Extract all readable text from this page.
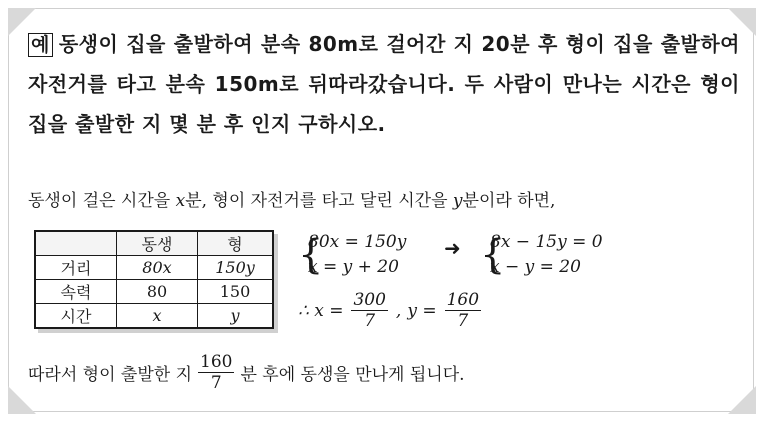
예 동생이 집을 출발하여 분속 80m로 걸어간 지 20분 후 형이 집을 출발하여 자전거를 타고 분속 150m로 뒤따라갔습니다. 두 사람이 만나는 시간은 형이 집을 출발한 지 몇 분 후 인지 구하시오.
동생이 걸은 시간을 x분, 형이 자전거를 타고 달린 시간을 y분이라 하면,
	동생	형
거리	80x	150y
속력	80	150
시간	x	y
{
80x = 150y
x = y + 20
➜ {
8x − 15y = 0
x − y = 20
∴ $x = \frac{300}{7}$ , $y = \frac{160}{7}$
따라서 형이 출발한 지 $\frac{160}{7}$ 분 후에 동생을 만나게 됩니다.
